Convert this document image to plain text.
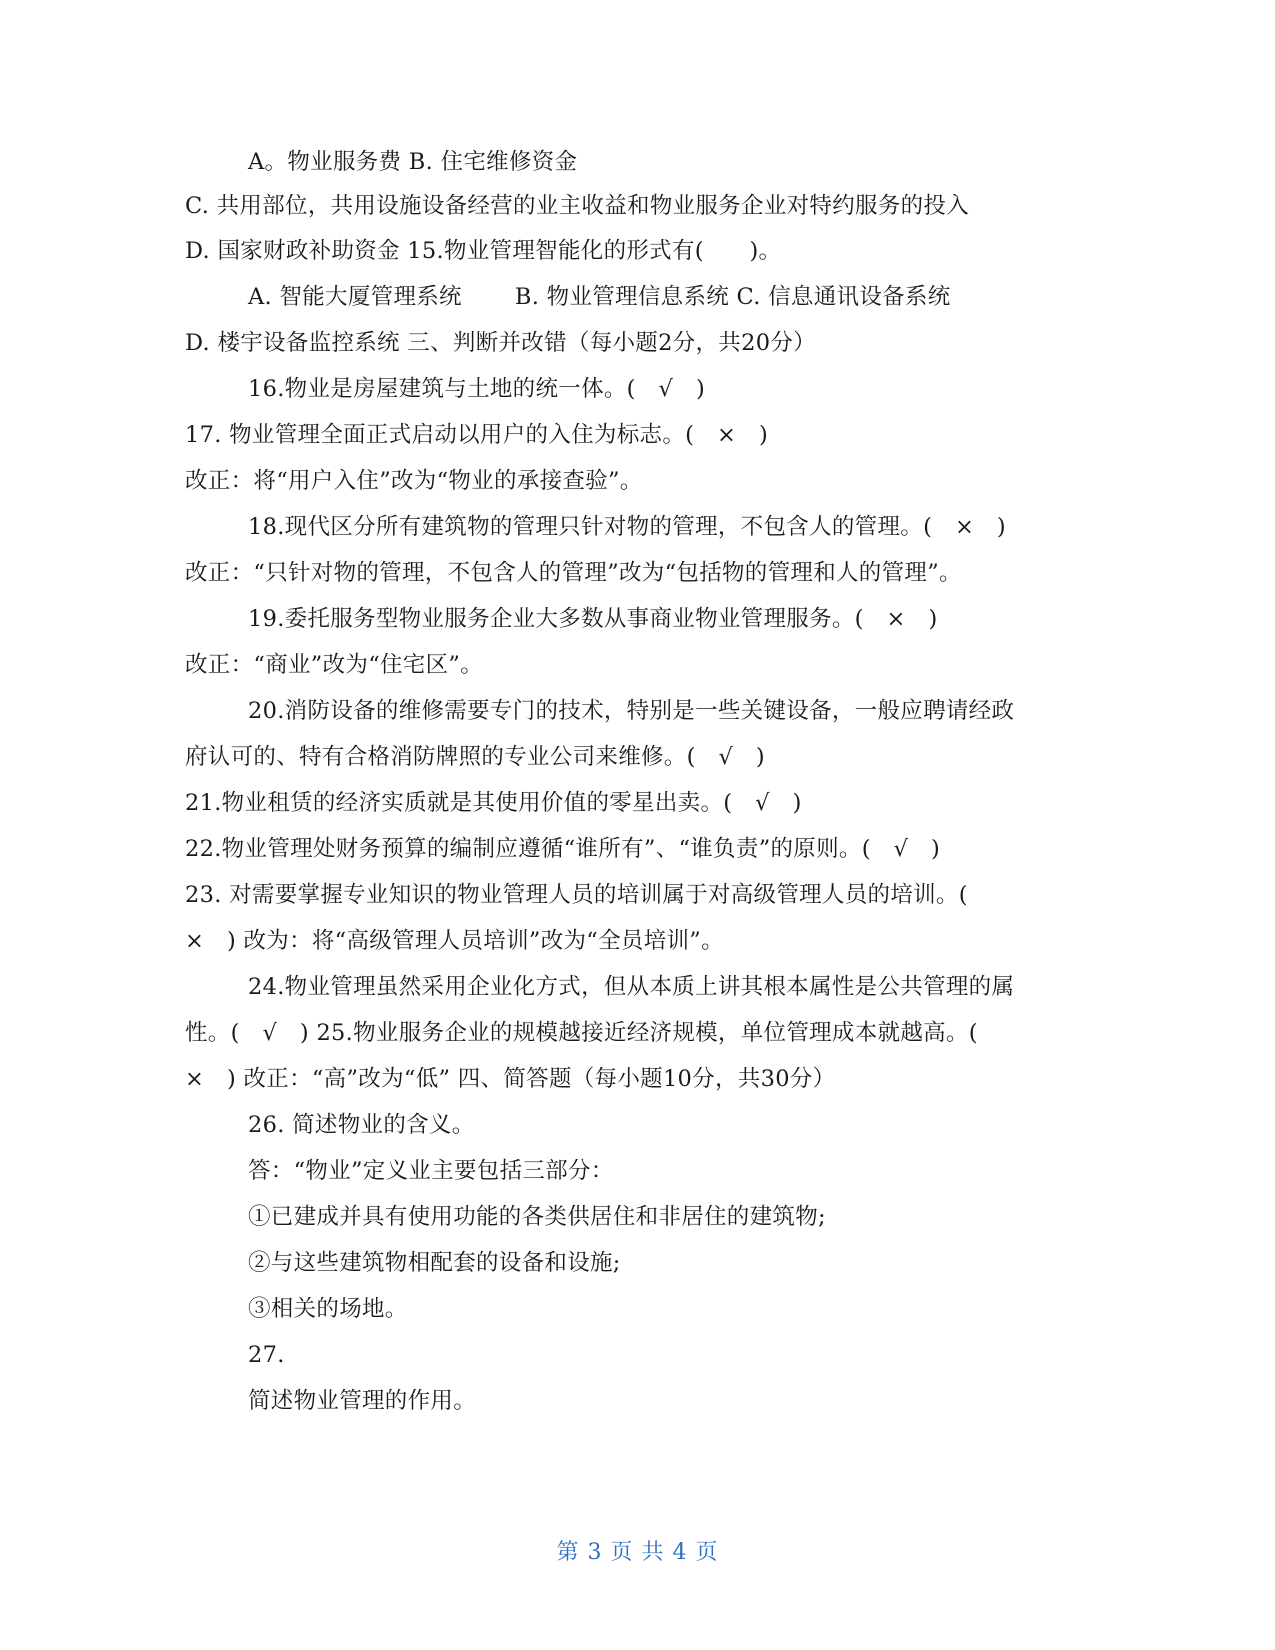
A。物业服务费 B. 住宅维修资金
C. 共用部位，共用设施设备经营的业主收益和物业服务企业对特约服务的投入
D. 国家财政补助资金 15.物业管理智能化的形式有(　　)。
A. 智能大厦管理系统　　 B. 物业管理信息系统 C. 信息通讯设备系统
D. 楼宇设备监控系统 三、判断并改错（每小题2分，共20分）
16.物业是房屋建筑与土地的统一体。(　√　)
17. 物业管理全面正式启动以用户的入住为标志。(　×　)
改正：将“用户入住”改为“物业的承接查验”。
18.现代区分所有建筑物的管理只针对物的管理，不包含人的管理。(　×　)
改正：“只针对物的管理，不包含人的管理”改为“包括物的管理和人的管理”。
19.委托服务型物业服务企业大多数从事商业物业管理服务。(　×　)
改正：“商业”改为“住宅区”。
20.消防设备的维修需要专门的技术，特别是一些关键设备，一般应聘请经政
府认可的、特有合格消防牌照的专业公司来维修。(　√　)
21.物业租赁的经济实质就是其使用价值的零星出卖。(　√　)
22.物业管理处财务预算的编制应遵循“谁所有”、“谁负责”的原则。(　√　)
23. 对需要掌握专业知识的物业管理人员的培训属于对高级管理人员的培训。(
×　) 改为：将“高级管理人员培训”改为“全员培训”。
24.物业管理虽然采用企业化方式，但从本质上讲其根本属性是公共管理的属
性。(　√　) 25.物业服务企业的规模越接近经济规模，单位管理成本就越高。(
×　) 改正：“高”改为“低” 四、简答题（每小题10分，共30分）
26. 简述物业的含义。
答：“物业”定义业主要包括三部分：
①已建成并具有使用功能的各类供居住和非居住的建筑物;
②与这些建筑物相配套的设备和设施;
③相关的场地。
27.
简述物业管理的作用。
第 3 页 共 4 页
